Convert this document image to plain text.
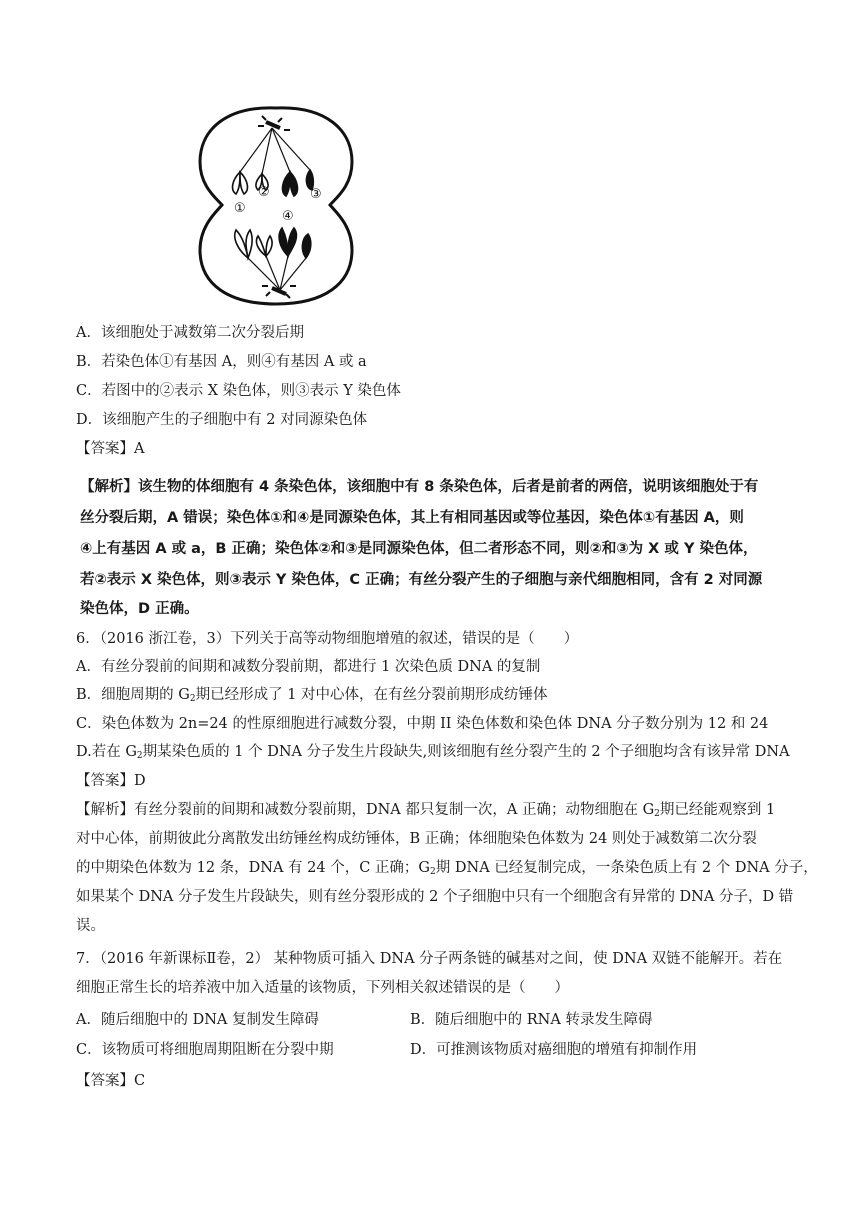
①
②	③
④
A．该细胞处于减数第二次分裂后期
B．若染色体①有基因 A，则④有基因 A 或 a
C．若图中的②表示 X 染色体，则③表示 Y 染色体
D．该细胞产生的子细胞中有 2 对同源染色体
【答案】A
【解析】该生物的体细胞有 4 条染色体，该细胞中有 8 条染色体，后者是前者的两倍，说明该细胞处于有
丝分裂后期，A 错误；染色体①和④是同源染色体，其上有相同基因或等位基因，染色体①有基因 A，则
④上有基因 A 或 a，B 正确；染色体②和③是同源染色体，但二者形态不同，则②和③为 X 或 Y 染色体，
若②表示 X 染色体，则③表示 Y 染色体，C 正确；有丝分裂产生的子细胞与亲代细胞相同，含有 2 对同源
染色体，D 正确。
6．（2016 浙江卷，3）下列关于高等动物细胞增殖的叙述，错误的是（　　）
A．有丝分裂前的间期和减数分裂前期，都进行 1 次染色质 DNA 的复制
B．细胞周期的 $G_2$期已经形成了 1 对中心体，在有丝分裂前期形成纺锤体
C．染色体数为 2n=24 的性原细胞进行减数分裂，中期 II 染色体数和染色体 DNA 分子数分别为 12 和 24
D.若在 $G_2$期某染色质的 1 个 DNA 分子发生片段缺失,则该细胞有丝分裂产生的 2 个子细胞均含有该异常 DNA
【答案】D
【解析】有丝分裂前的间期和减数分裂前期，DNA 都只复制一次，A 正确；动物细胞在 $G_2$期已经能观察到 1
对中心体，前期彼此分离散发出纺锤丝构成纺锤体，B 正确；体细胞染色体数为 24 则处于减数第二次分裂
的中期染色体数为 12 条，DNA 有 24 个，C 正确；$G_2$期 DNA 已经复制完成，一条染色质上有 2 个 DNA 分子，
如果某个 DNA 分子发生片段缺失，则有丝分裂形成的 2 个子细胞中只有一个细胞含有异常的 DNA 分子，D 错
误。
7．（2016 年新课标Ⅱ卷，2） 某种物质可插入 DNA 分子两条链的碱基对之间，使 DNA 双链不能解开。若在
细胞正常生长的培养液中加入适量的该物质，下列相关叙述错误的是（　　）
A．随后细胞中的 DNA 复制发生障碍	B．随后细胞中的 RNA 转录发生障碍
C．该物质可将细胞周期阻断在分裂中期	D．可推测该物质对癌细胞的增殖有抑制作用
【答案】C
